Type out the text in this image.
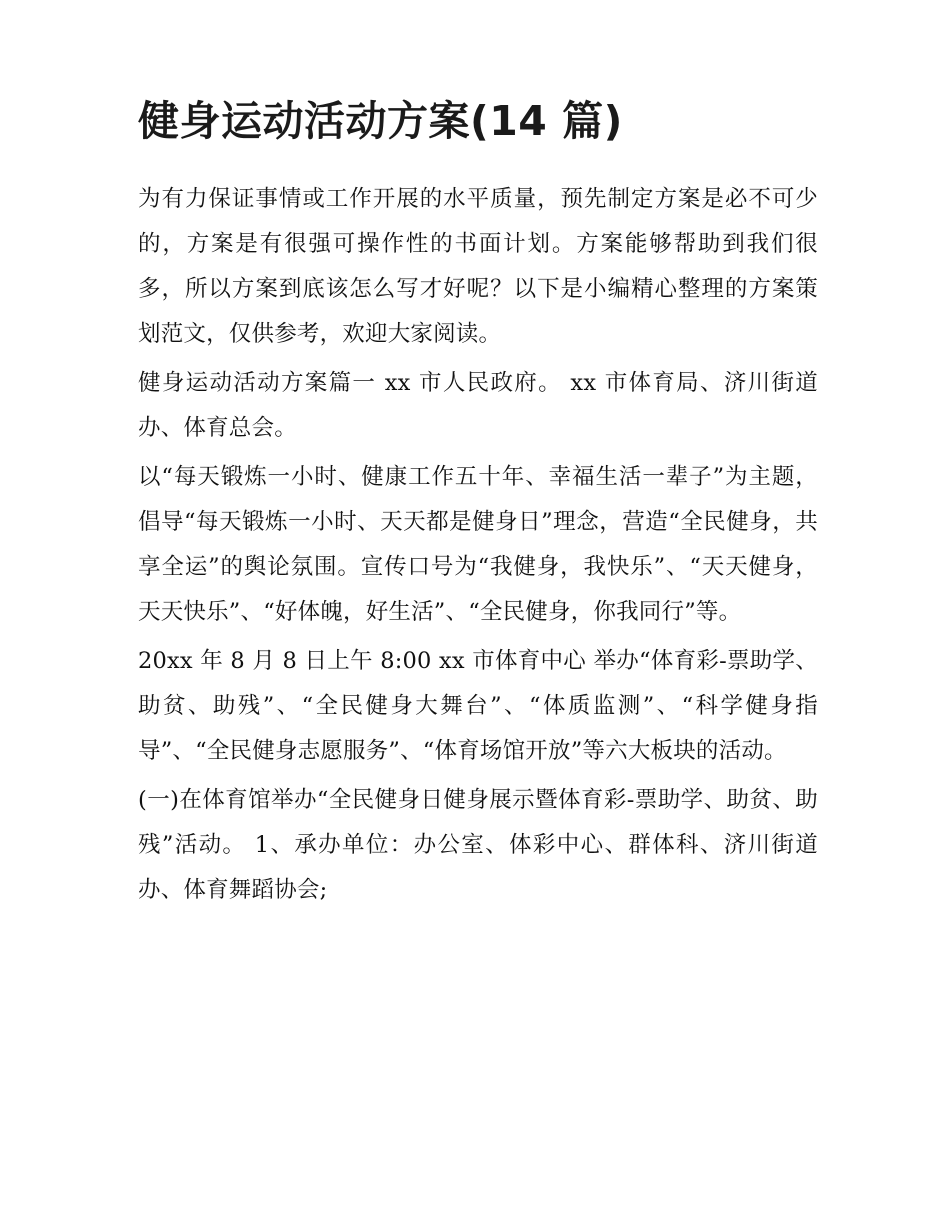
健身运动活动方案(14 篇)

为有力保证事情或工作开展的水平质量，预先制定方案是必不可少的，方案是有很强可操作性的书面计划。方案能够帮助到我们很多，所以方案到底该怎么写才好呢？以下是小编精心整理的方案策划范文，仅供参考，欢迎大家阅读。

健身运动活动方案篇一 xx 市人民政府。 xx 市体育局、济川街道办、体育总会。

以“每天锻炼一小时、健康工作五十年、幸福生活一辈子”为主题，倡导“每天锻炼一小时、天天都是健身日”理念，营造“全民健身，共享全运”的舆论氛围。宣传口号为“我健身，我快乐”、“天天健身，天天快乐”、“好体魄，好生活”、“全民健身，你我同行”等。

20xx 年 8 月 8 日上午 8:00 xx 市体育中心 举办“体育彩-票助学、助贫、助残”、“全民健身大舞台”、“体质监测”、“科学健身指导”、“全民健身志愿服务”、“体育场馆开放”等六大板块的活动。

(一)在体育馆举办“全民健身日健身展示暨体育彩-票助学、助贫、助残”活动。 1、承办单位：办公室、体彩中心、群体科、济川街道办、体育舞蹈协会;
